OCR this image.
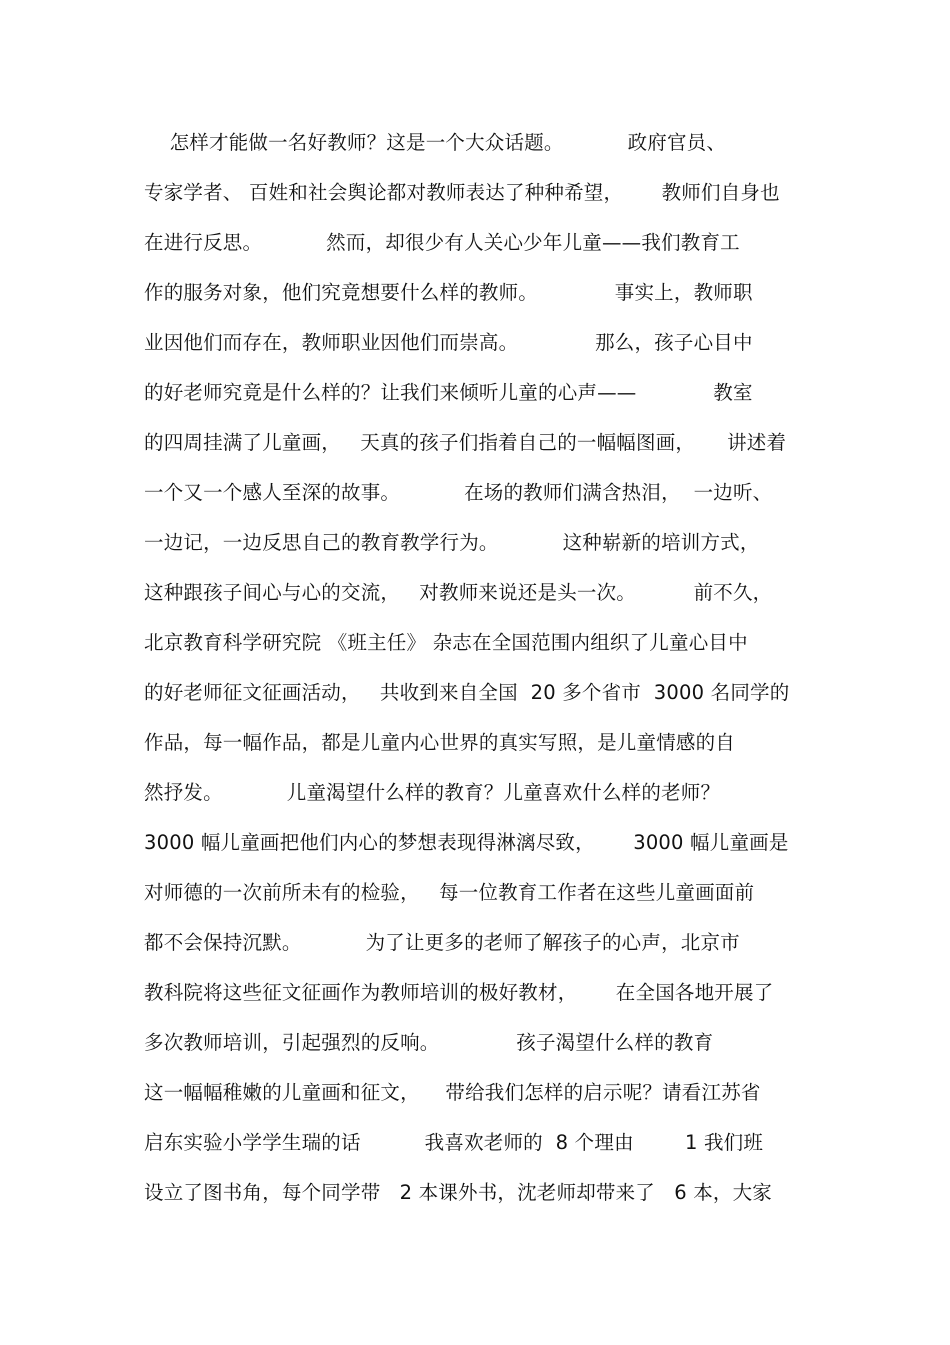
怎样才能做一名好教师？这是一个大众话题。          政府官员、
专家学者、 百姓和社会舆论都对教师表达了种种希望，      教师们自身也
在进行反思。          然而，却很少有人关心少年儿童——我们教育工
作的服务对象，他们究竟想要什么样的教师。            事实上，教师职
业因他们而存在，教师职业因他们而崇高。            那么，孩子心目中
的好老师究竟是什么样的？让我们来倾听儿童的心声——            教室
的四周挂满了儿童画，   天真的孩子们指着自己的一幅幅图画，     讲述着
一个又一个感人至深的故事。          在场的教师们满含热泪，  一边听、
一边记，一边反思自己的教育教学行为。          这种崭新的培训方式，
这种跟孩子间心与心的交流，   对教师来说还是头一次。         前不久，
北京教育科学研究院 《班主任》 杂志在全国范围内组织了儿童心目中
的好老师征文征画活动，   共收到来自全国  20 多个省市  3000 名同学的
作品，每一幅作品，都是儿童内心世界的真实写照，是儿童情感的自
然抒发。          儿童渴望什么样的教育？儿童喜欢什么样的老师？
3000 幅儿童画把他们内心的梦想表现得淋漓尽致，      3000 幅儿童画是
对师德的一次前所未有的检验，   每一位教育工作者在这些儿童画面前
都不会保持沉默。          为了让更多的老师了解孩子的心声，北京市
教科院将这些征文征画作为教师培训的极好教材，      在全国各地开展了
多次教师培训，引起强烈的反响。            孩子渴望什么样的教育
这一幅幅稚嫩的儿童画和征文，    带给我们怎样的启示呢？请看江苏省
启东实验小学学生瑞的话          我喜欢老师的  8 个理由        1 我们班
设立了图书角，每个同学带   2 本课外书，沈老师却带来了   6 本，大家
